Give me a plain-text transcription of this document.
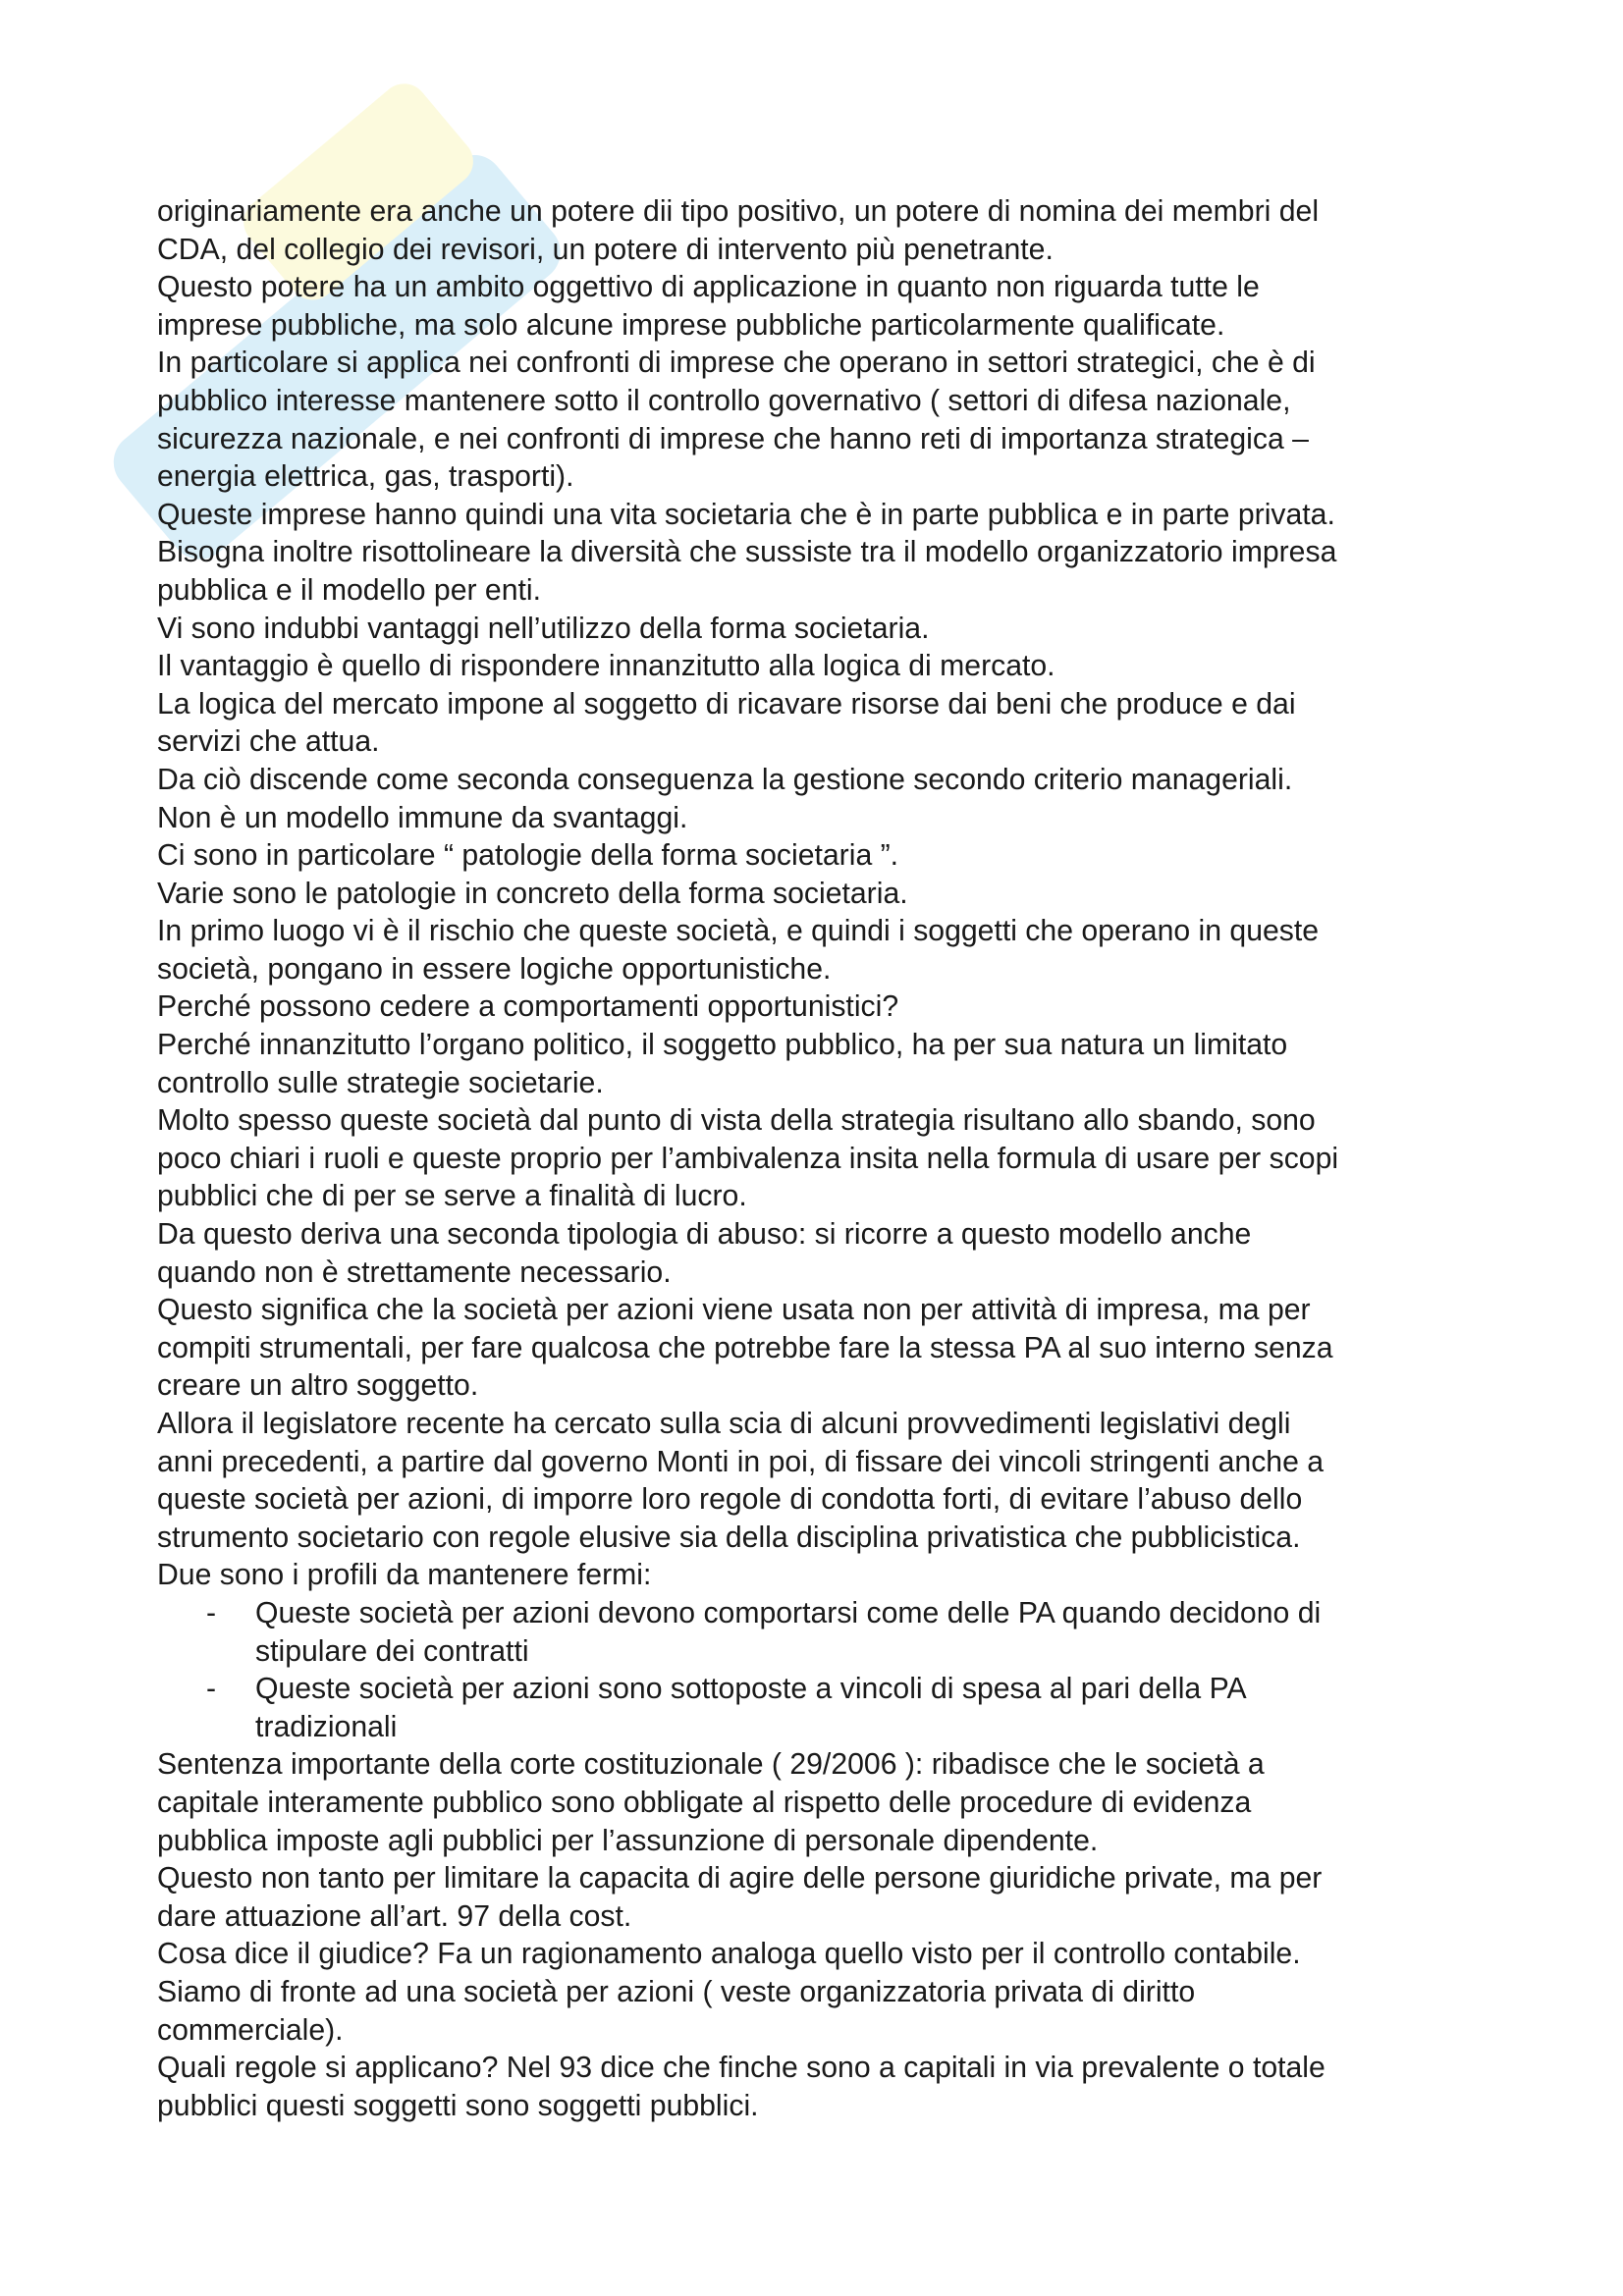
originariamente era anche un potere dii tipo positivo, un potere di nomina dei membri del

CDA, del collegio dei revisori, un potere di intervento più penetrante.

Questo potere ha un ambito oggettivo di applicazione in quanto non riguarda tutte le

imprese pubbliche, ma solo alcune imprese pubbliche particolarmente qualificate.

In particolare si applica nei confronti di imprese che operano in settori strategici, che è di

pubblico interesse mantenere sotto il controllo governativo ( settori di difesa nazionale,

sicurezza nazionale, e nei confronti di imprese che hanno reti di importanza strategica –

energia elettrica, gas, trasporti).

Queste imprese hanno quindi una vita societaria che è in parte pubblica e in parte privata.

Bisogna inoltre risottolineare la diversità che sussiste tra il modello organizzatorio impresa

pubblica e il modello per enti.

Vi sono indubbi vantaggi nell’utilizzo della forma societaria.

Il vantaggio è quello di rispondere innanzitutto alla logica di mercato.

La logica del mercato impone al soggetto di ricavare risorse dai beni che produce e dai

servizi che attua.

Da ciò discende come seconda conseguenza la gestione secondo criterio manageriali.

Non è un modello immune da svantaggi.

Ci sono in particolare “ patologie della forma societaria ”.

Varie sono le patologie in concreto della forma societaria.

In primo luogo vi è il rischio che queste società, e quindi i soggetti che operano in queste

società, pongano in essere logiche opportunistiche.

Perché possono cedere a comportamenti opportunistici?

Perché innanzitutto l’organo politico, il soggetto pubblico, ha per sua natura un limitato

controllo sulle strategie societarie.

Molto spesso queste società dal punto di vista della strategia risultano allo sbando, sono

poco chiari i ruoli e queste proprio per l’ambivalenza insita nella formula di usare per scopi

pubblici che di per se serve a finalità di lucro.

Da questo deriva una seconda tipologia di abuso: si ricorre a questo modello anche

quando non è strettamente necessario.

Questo significa che la società per azioni viene usata non per attività di impresa, ma per

compiti strumentali, per fare qualcosa che potrebbe fare la stessa PA al suo interno senza

creare un altro soggetto.

Allora il legislatore recente ha cercato sulla scia di alcuni provvedimenti legislativi degli

anni precedenti, a partire dal governo Monti in poi, di fissare dei vincoli stringenti anche a

queste società per azioni, di imporre loro regole di condotta forti, di evitare l’abuso dello

strumento societario con regole elusive sia della disciplina privatistica che pubblicistica.

Due sono i profili da mantenere fermi:

- Queste società per azioni devono comportarsi come delle PA quando decidono di
stipulare dei contratti
- Queste società per azioni sono sottoposte a vincoli di spesa al pari della PA
tradizionali

Sentenza importante della corte costituzionale ( 29/2006 ): ribadisce che le società a

capitale interamente pubblico sono obbligate al rispetto delle procedure di evidenza

pubblica imposte agli pubblici per l’assunzione di personale dipendente.

Questo non tanto per limitare la capacita di agire delle persone giuridiche private, ma per

dare attuazione all’art. 97 della cost.

Cosa dice il giudice? Fa un ragionamento analoga quello visto per il controllo contabile.

Siamo di fronte ad una società per azioni ( veste organizzatoria privata di diritto

commerciale).

Quali regole si applicano? Nel 93 dice che finche sono a capitali in via prevalente o totale

pubblici questi soggetti sono soggetti pubblici.
